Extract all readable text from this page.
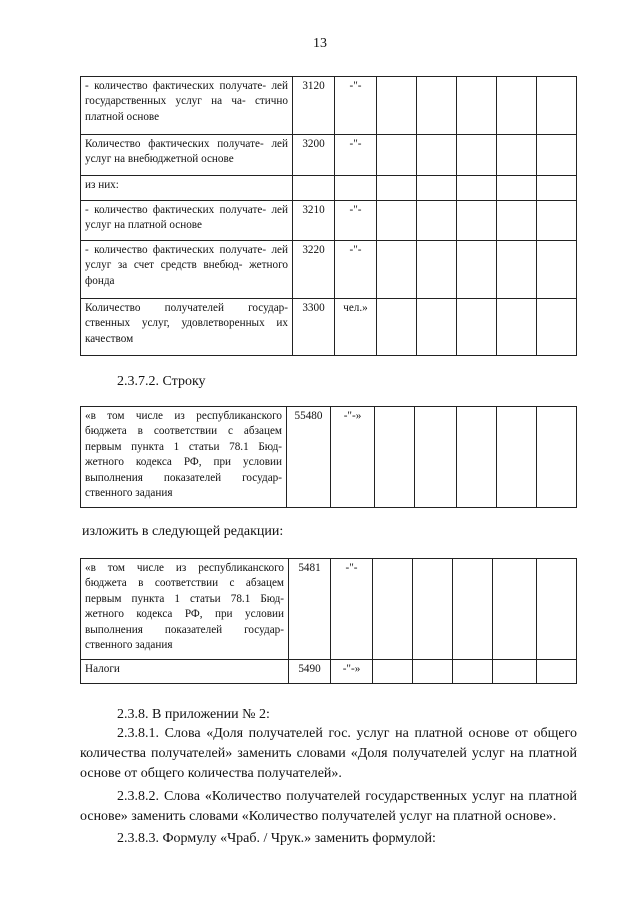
13
- количество фактических получате- лей государственных услуг на ча- стично платной основе	3120	-"-					
Количество фактических получате- лей услуг на внебюджетной основе	3200	-"-					
из них:							
- количество фактических получате- лей услуг на платной основе	3210	-"-					
- количество фактических получате- лей услуг за счет средств внебюд- жетного фонда	3220	-"-					
Количество получателей государ- ственных услуг, удовлетворенных их качеством	3300	чел.»					
2.3.7.2. Строку
«в том числе из республиканского бюджета в соответствии с абзацем первым пункта 1 статьи 78.1 Бюд- жетного кодекса РФ, при условии выполнения показателей государ- ственного задания	55480	-"-»					
изложить в следующей редакции:
«в том числе из республиканского бюджета в соответствии с абзацем первым пункта 1 статьи 78.1 Бюд- жетного кодекса РФ, при условии выполнения показателей государ- ственного задания	5481	-"-					
Налоги	5490	-"-»					
2.3.8. В приложении № 2:
2.3.8.1. Слова «Доля получателей гос. услуг на платной основе от общего количества получателей» заменить словами «Доля получателей услуг на платной основе от общего количества получателей».
2.3.8.2. Слова «Количество получателей государственных услуг на платной основе» заменить словами «Количество получателей услуг на платной основе».
2.3.8.3. Формулу «Чраб. / Чрук.» заменить формулой:
